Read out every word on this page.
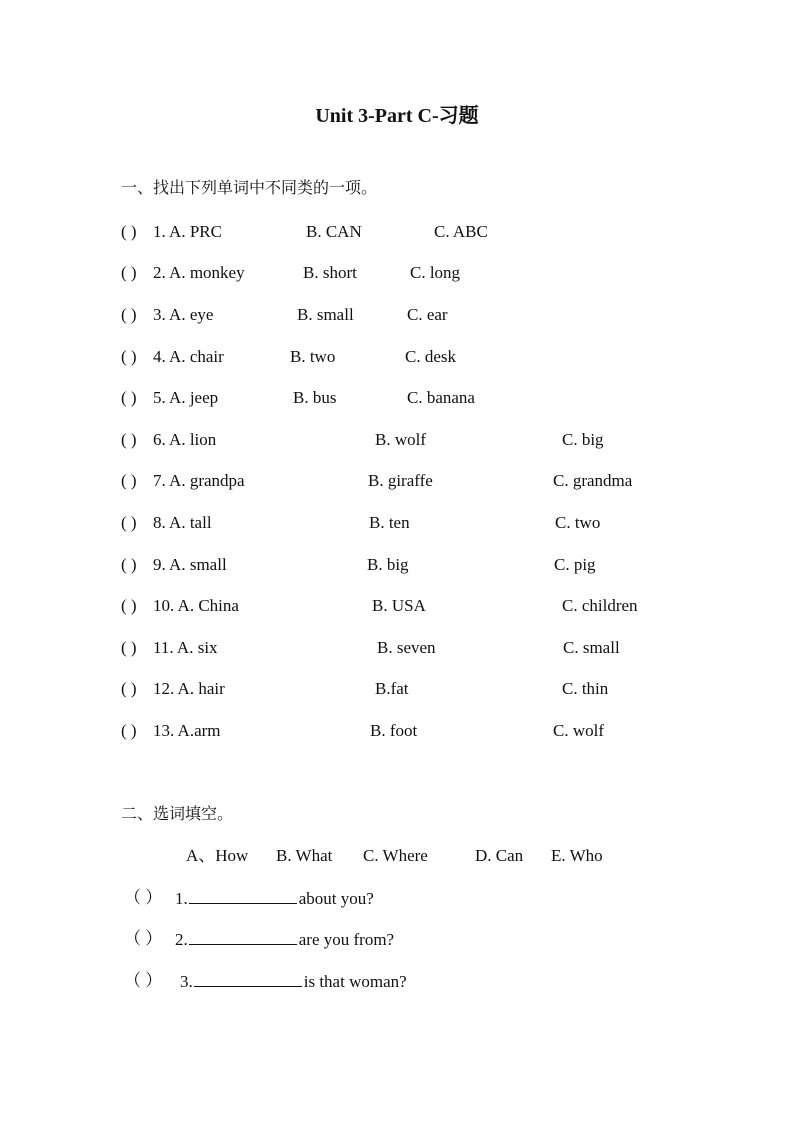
Unit 3-Part C-习题
一、找出下列单词中不同类的一项。
( ) 1. A. PRC	B. CAN	C. ABC
( ) 2. A. monkey	B. short	C. long
( ) 3. A. eye	B. small	C. ear
( ) 4. A. chair	B. two	C. desk
( ) 5. A. jeep	B. bus	C. banana
( ) 6. A. lion	B. wolf	C. big
( ) 7. A. grandpa	B. giraffe	C. grandma
( ) 8. A. tall	B. ten	C. two
( ) 9. A. small	B. big	C. pig
( ) 10. A. China	B. USA	C. children
( ) 11. A. six	B. seven	C. small
( ) 12. A. hair	B.fat	C. thin
( ) 13. A.arm	B. foot	C. wolf
二、选词填空。
A、How B. What C. Where	D. Can E. Who
（ ） 1.	about you?
（ ） 2.	are you from?
（ ） 3.	is that woman?
